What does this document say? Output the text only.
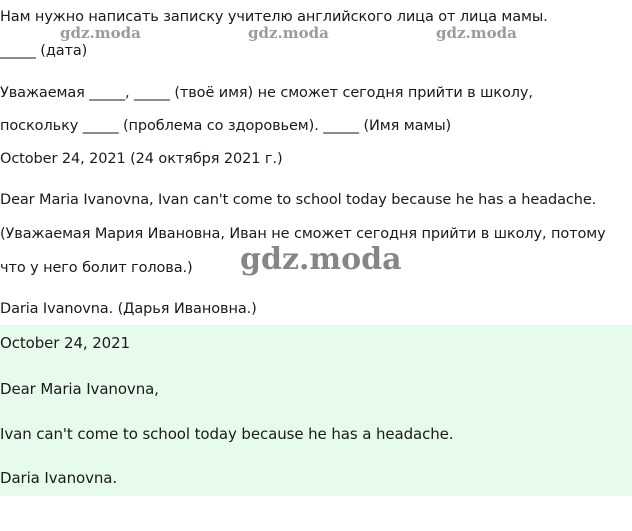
Нам нужно написать записку учителю английского лица от лица мамы.

gdz.moda	gdz.moda	gdz.moda

_____ (дата)

Уважаемая _____, _____ (твоё имя) не сможет сегодня прийти в школу,

поскольку _____ (проблема со здоровьем). _____ (Имя мамы)

October 24, 2021 (24 октября 2021 г.)

Dear Maria Ivanovna, Ivan can't come to school today because he has a headache.

(Уважаемая Мария Ивановна, Иван не сможет сегодня прийти в школу, потому

что у него болит голова.) gdz.moda

Daria Ivanovna. (Дарья Ивановна.)

October 24, 2021

Dear Maria Ivanovna,

Ivan can't come to school today because he has a headache.

Daria Ivanovna.
